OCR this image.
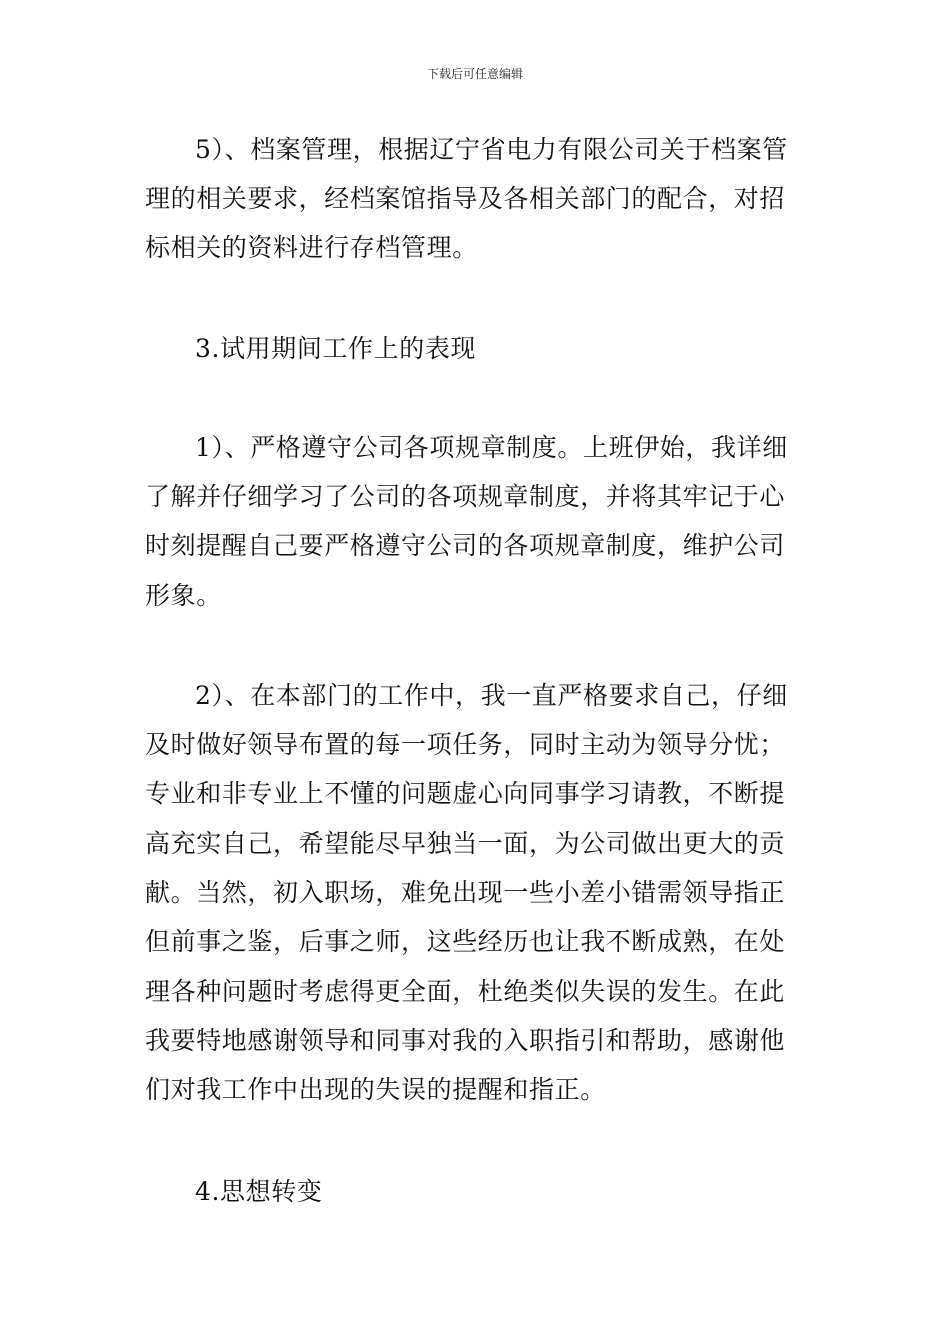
下载后可任意编辑
5）、档案管理，根据辽宁省电力有限公司关于档案管
理的相关要求，经档案馆指导及各相关部门的配合，对招
标相关的资料进行存档管理。
3.试用期间工作上的表现
1）、严格遵守公司各项规章制度。上班伊始，我详细
了解并仔细学习了公司的各项规章制度，并将其牢记于心
时刻提醒自己要严格遵守公司的各项规章制度，维护公司
形象。
2）、在本部门的工作中，我一直严格要求自己，仔细
及时做好领导布置的每一项任务，同时主动为领导分忧；
专业和非专业上不懂的问题虚心向同事学习请教，不断提
高充实自己，希望能尽早独当一面，为公司做出更大的贡
献。当然，初入职场，难免出现一些小差小错需领导指正
但前事之鉴，后事之师，这些经历也让我不断成熟，在处
理各种问题时考虑得更全面，杜绝类似失误的发生。在此
我要特地感谢领导和同事对我的入职指引和帮助，感谢他
们对我工作中出现的失误的提醒和指正。
4.思想转变
